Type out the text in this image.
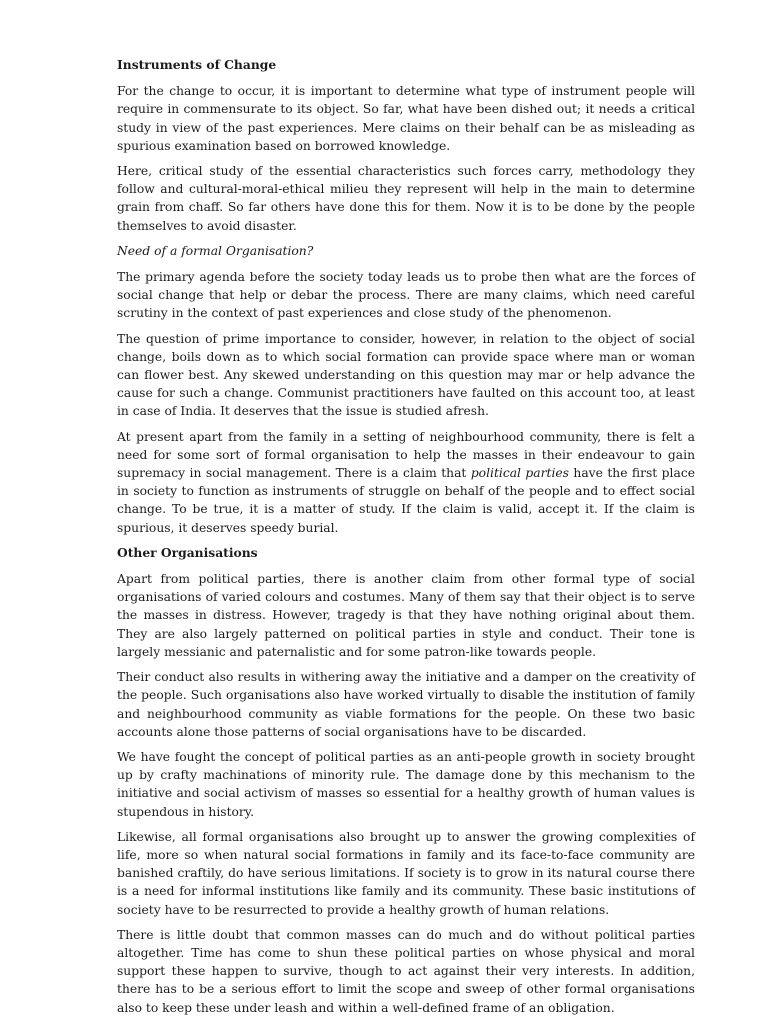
Instruments of Change

For the change to occur, it is important to determine what type of instrument people will require in commensurate to its object. So far, what have been dished out; it needs a critical study in view of the past experiences. Mere claims on their behalf can be as misleading as spurious examination based on borrowed knowledge.

Here, critical study of the essential characteristics such forces carry, methodology they follow and cultural-moral-ethical milieu they represent will help in the main to determine grain from chaff. So far others have done this for them. Now it is to be done by the people themselves to avoid disaster.

Need of a formal Organisation?

The primary agenda before the society today leads us to probe then what are the forces of social change that help or debar the process. There are many claims, which need careful scrutiny in the context of past experiences and close study of the phenomenon.

The question of prime importance to consider, however, in relation to the object of social change, boils down as to which social formation can provide space where man or woman can flower best. Any skewed understanding on this question may mar or help advance the cause for such a change. Communist practitioners have faulted on this account too, at least in case of India. It deserves that the issue is studied afresh.

At present apart from the family in a setting of neighbourhood community, there is felt a need for some sort of formal organisation to help the masses in their endeavour to gain supremacy in social management. There is a claim that political parties have the first place in society to function as instruments of struggle on behalf of the people and to effect social change. To be true, it is a matter of study. If the claim is valid, accept it. If the claim is spurious, it deserves speedy burial.

Other Organisations

Apart from political parties, there is another claim from other formal type of social organisations of varied colours and costumes. Many of them say that their object is to serve the masses in distress. However, tragedy is that they have nothing original about them. They are also largely patterned on political parties in style and conduct. Their tone is largely messianic and paternalistic and for some patron-like towards people.

Their conduct also results in withering away the initiative and a damper on the creativity of the people. Such organisations also have worked virtually to disable the institution of family and neighbourhood community as viable formations for the people. On these two basic accounts alone those patterns of social organisations have to be discarded.

We have fought the concept of political parties as an anti-people growth in society brought up by crafty machinations of minority rule. The damage done by this mechanism to the initiative and social activism of masses so essential for a healthy growth of human values is stupendous in history.

Likewise, all formal organisations also brought up to answer the growing complexities of life, more so when natural social formations in family and its face-to-face community are banished craftily, do have serious limitations. If society is to grow in its natural course there is a need for informal institutions like family and its community. These basic institutions of society have to be resurrected to provide a healthy growth of human relations.

There is little doubt that common masses can do much and do without political parties altogether. Time has come to shun these political parties on whose physical and moral support these happen to survive, though to act against their very interests. In addition, there has to be a serious effort to limit the scope and sweep of other formal organisations also to keep these under leash and within a well-defined frame of an obligation.
